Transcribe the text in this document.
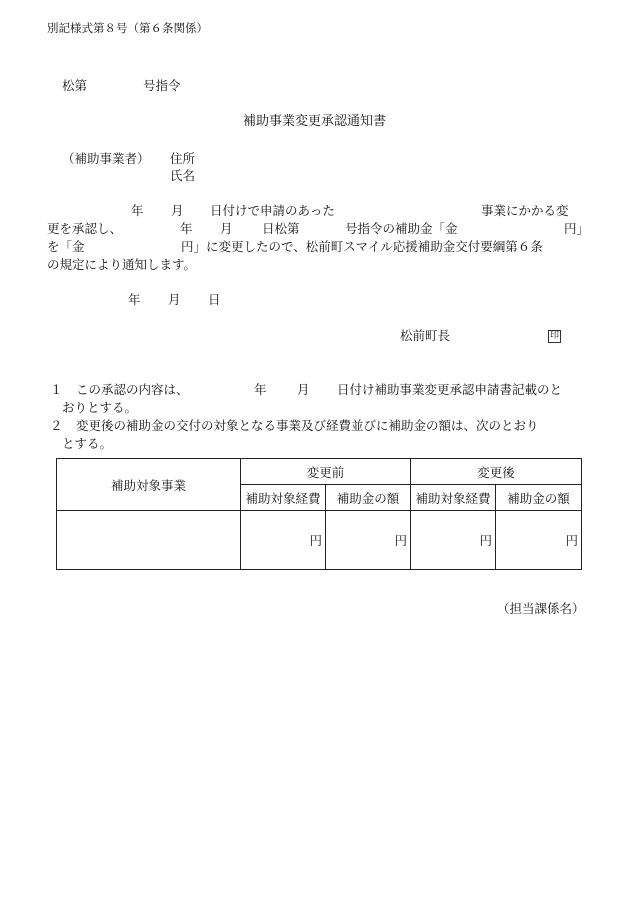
別記様式第８号（第６条関係）
松第	号指令
補助事業変更承認通知書
（補助事業者） 住所
氏名
年 月 日付けで申請のあった	事業にかかる変
更を承認し、	年 月 日松第	号指令の補助金「金	円」
を「金	円」に変更したので、松前町スマイル応援補助金交付要綱第６条
の規定により通知します。
年 月 日
松前町長	印
１ この承認の内容は、	年 月 日付け補助事業変更承認申請書記載のと
おりとする。
２ 変更後の補助金の交付の対象となる事業及び経費並びに補助金の額は、次のとおり
とする。
補助対象事業	変更前		変更後	
	補助対象経費	補助金の額	補助対象経費	補助金の額
	円	円	円	円
（担当課係名）
